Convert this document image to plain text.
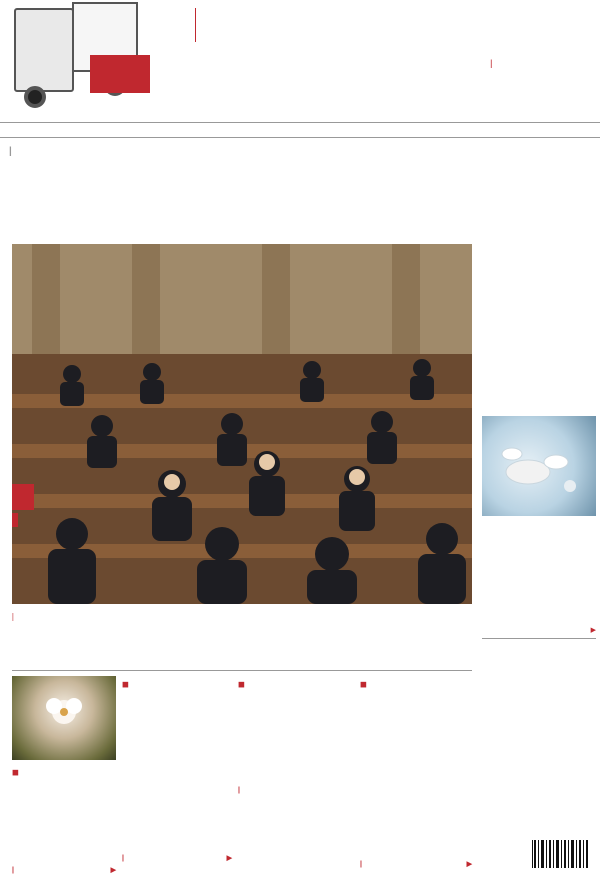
|
|
|
▶
■
|	▶
■
|	▶
■
|
■
|	▶
